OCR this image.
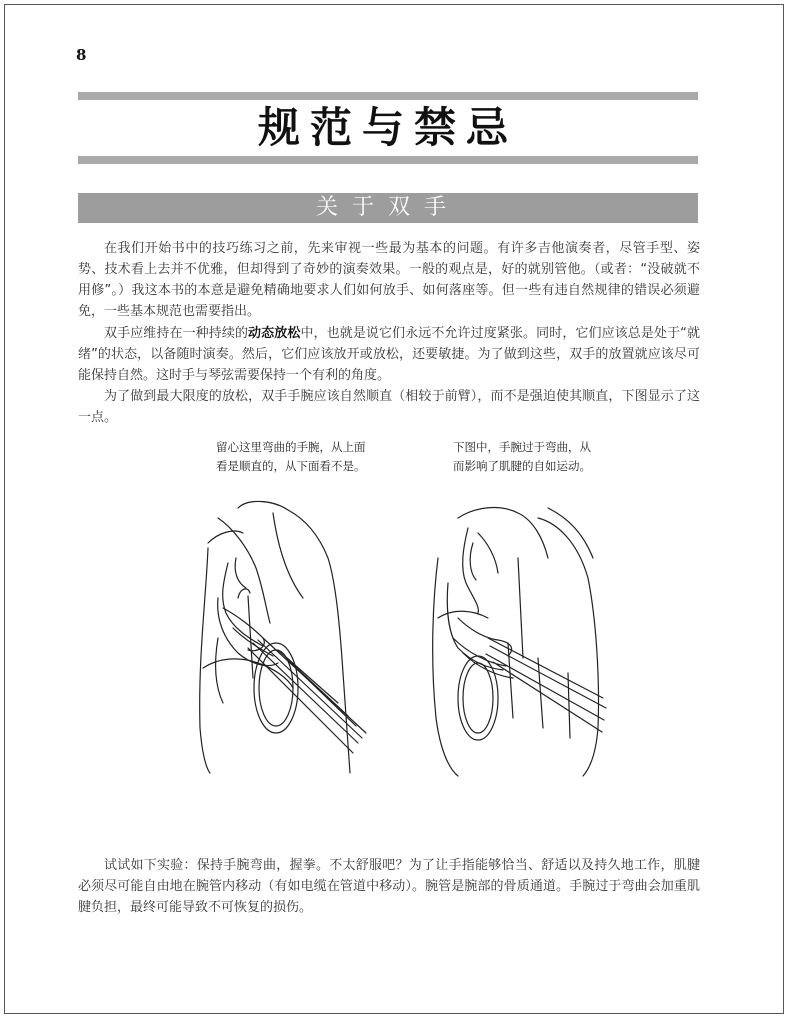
8
规范与禁忌
关于双手

在我们开始书中的技巧练习之前，先来审视一些最为基本的问题。有许多吉他演奏者，尽管手型、姿势、技术看上去并不优雅，但却得到了奇妙的演奏效果。一般的观点是，好的就别管他。（或者：“没破就不用修”。）我这本书的本意是避免精确地要求人们如何放手、如何落座等。但一些有违自然规律的错误必须避免，一些基本规范也需要指出。

双手应维持在一种持续的动态放松中，也就是说它们永远不允许过度紧张。同时，它们应该总是处于“就绪”的状态，以备随时演奏。然后，它们应该放开或放松，还要敏捷。为了做到这些，双手的放置就应该尽可能保持自然。这时手与琴弦需要保持一个有利的角度。

为了做到最大限度的放松，双手手腕应该自然顺直（相较于前臂），而不是强迫使其顺直，下图显示了这一点。

留心这里弯曲的手腕，从上面
看是顺直的，从下面看不是。
下图中，手腕过于弯曲，从
而影响了肌腱的自如运动。

试试如下实验：保持手腕弯曲，握拳。不太舒服吧？为了让手指能够恰当、舒适以及持久地工作，肌腱必须尽可能自由地在腕管内移动（有如电缆在管道中移动）。腕管是腕部的骨质通道。手腕过于弯曲会加重肌腱负担，最终可能导致不可恢复的损伤。
